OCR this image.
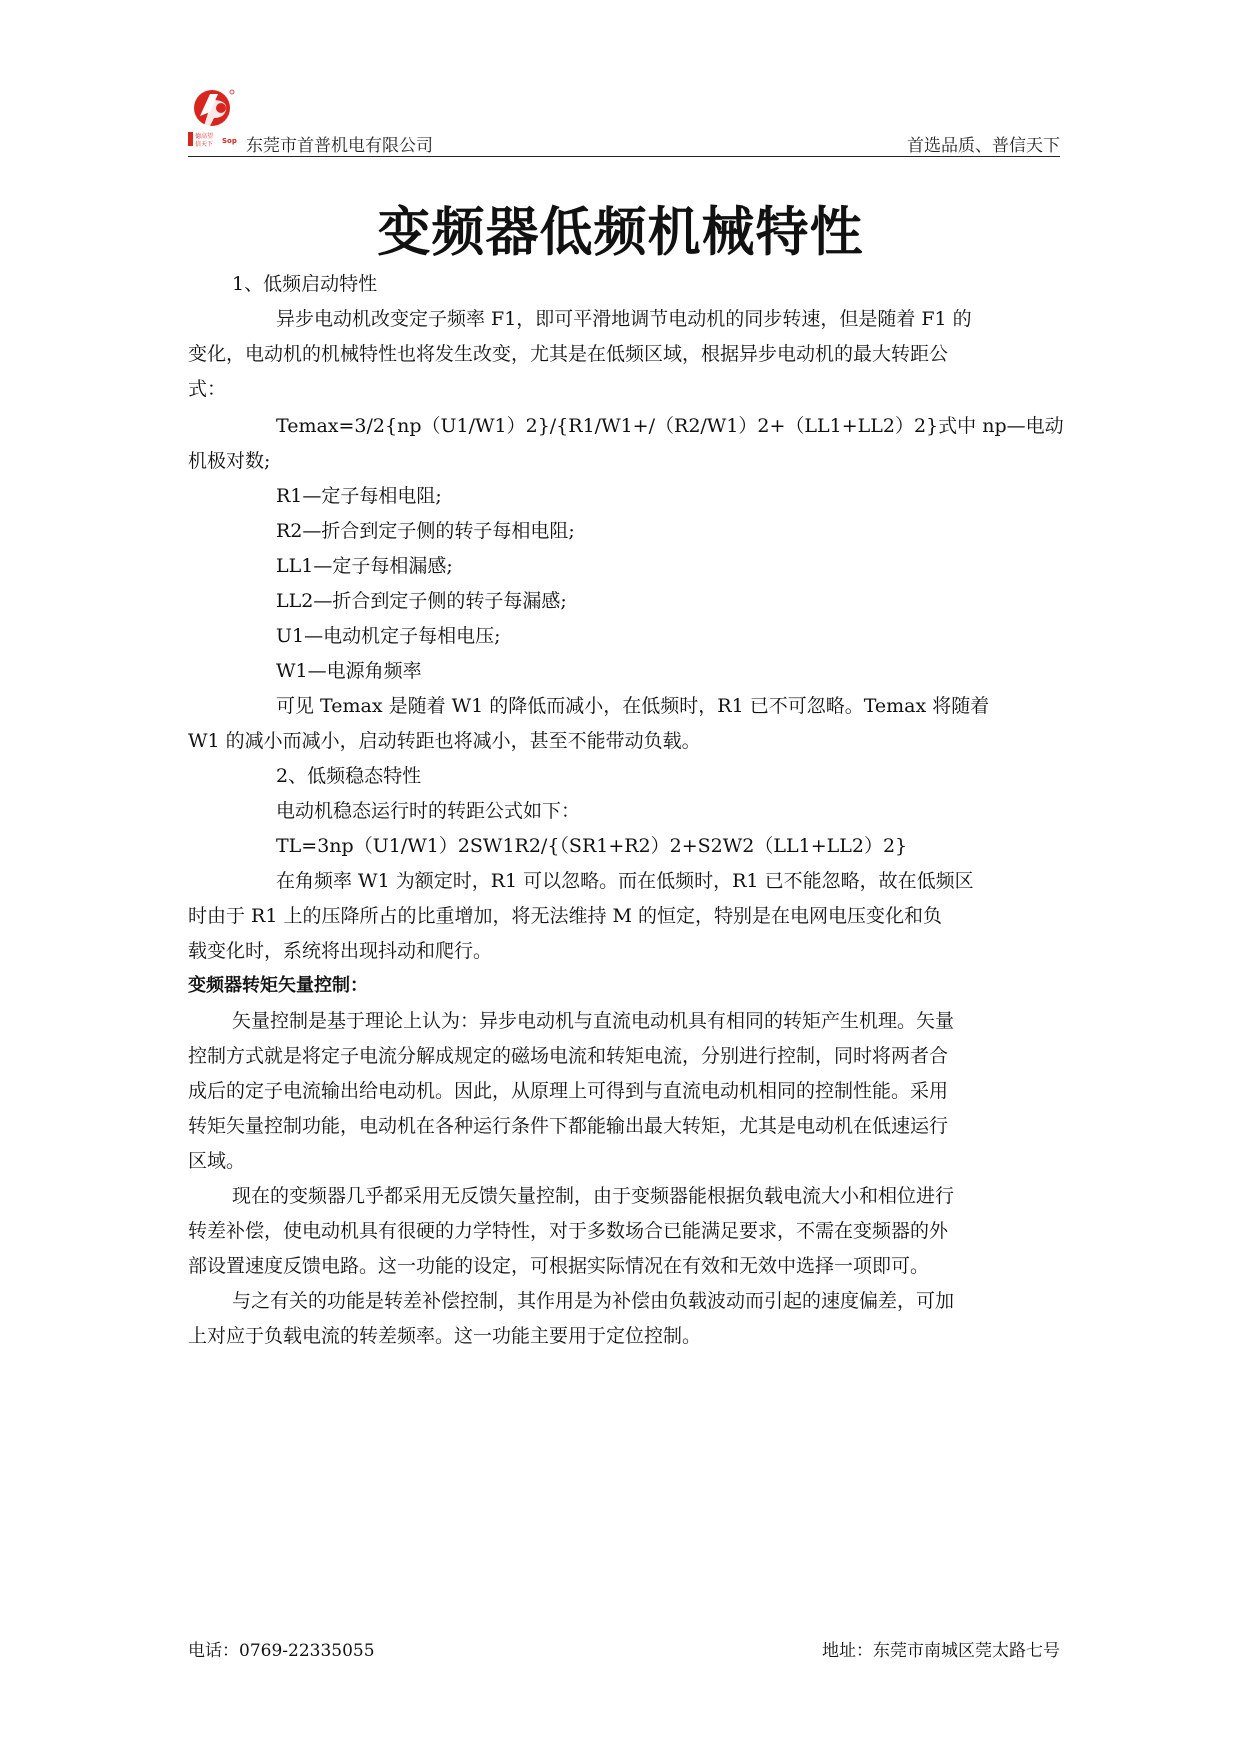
德高望
信天下 Sop 东莞市首普机电有限公司	首选品质、普信天下
变频器低频机械特性
1、低频启动特性
异步电动机改变定子频率 F1，即可平滑地调节电动机的同步转速，但是随着 F1 的
变化，电动机的机械特性也将发生改变，尤其是在低频区域，根据异步电动机的最大转距公
式：
Temax=3/2{np（U1/W1）2}/{R1/W1+/（R2/W1）2+（LL1+LL2）2}式中 np—电动
机极对数;
R1—定子每相电阻;
R2—折合到定子侧的转子每相电阻;
LL1—定子每相漏感;
LL2—折合到定子侧的转子每漏感;
U1—电动机定子每相电压;
W1—电源角频率
可见 Temax 是随着 W1 的降低而减小，在低频时，R1 已不可忽略。Temax 将随着
W1 的减小而减小，启动转距也将减小，甚至不能带动负载。
2、低频稳态特性
电动机稳态运行时的转距公式如下：
TL=3np（U1/W1）2SW1R2/{（SR1+R2）2+S2W2（LL1+LL2）2}
在角频率 W1 为额定时，R1 可以忽略。而在低频时，R1 已不能忽略，故在低频区
时由于 R1 上的压降所占的比重增加，将无法维持 M 的恒定，特别是在电网电压变化和负
载变化时，系统将出现抖动和爬行。
变频器转矩矢量控制：
矢量控制是基于理论上认为：异步电动机与直流电动机具有相同的转矩产生机理。矢量
控制方式就是将定子电流分解成规定的磁场电流和转矩电流，分别进行控制，同时将两者合
成后的定子电流输出给电动机。因此，从原理上可得到与直流电动机相同的控制性能。采用
转矩矢量控制功能，电动机在各种运行条件下都能输出最大转矩，尤其是电动机在低速运行
区域。
现在的变频器几乎都采用无反馈矢量控制，由于变频器能根据负载电流大小和相位进行
转差补偿，使电动机具有很硬的力学特性，对于多数场合已能满足要求，不需在变频器的外
部设置速度反馈电路。这一功能的设定，可根据实际情况在有效和无效中选择一项即可。
与之有关的功能是转差补偿控制，其作用是为补偿由负载波动而引起的速度偏差，可加
上对应于负载电流的转差频率。这一功能主要用于定位控制。
电话：0769-22335055	地址：东莞市南城区莞太路七号
